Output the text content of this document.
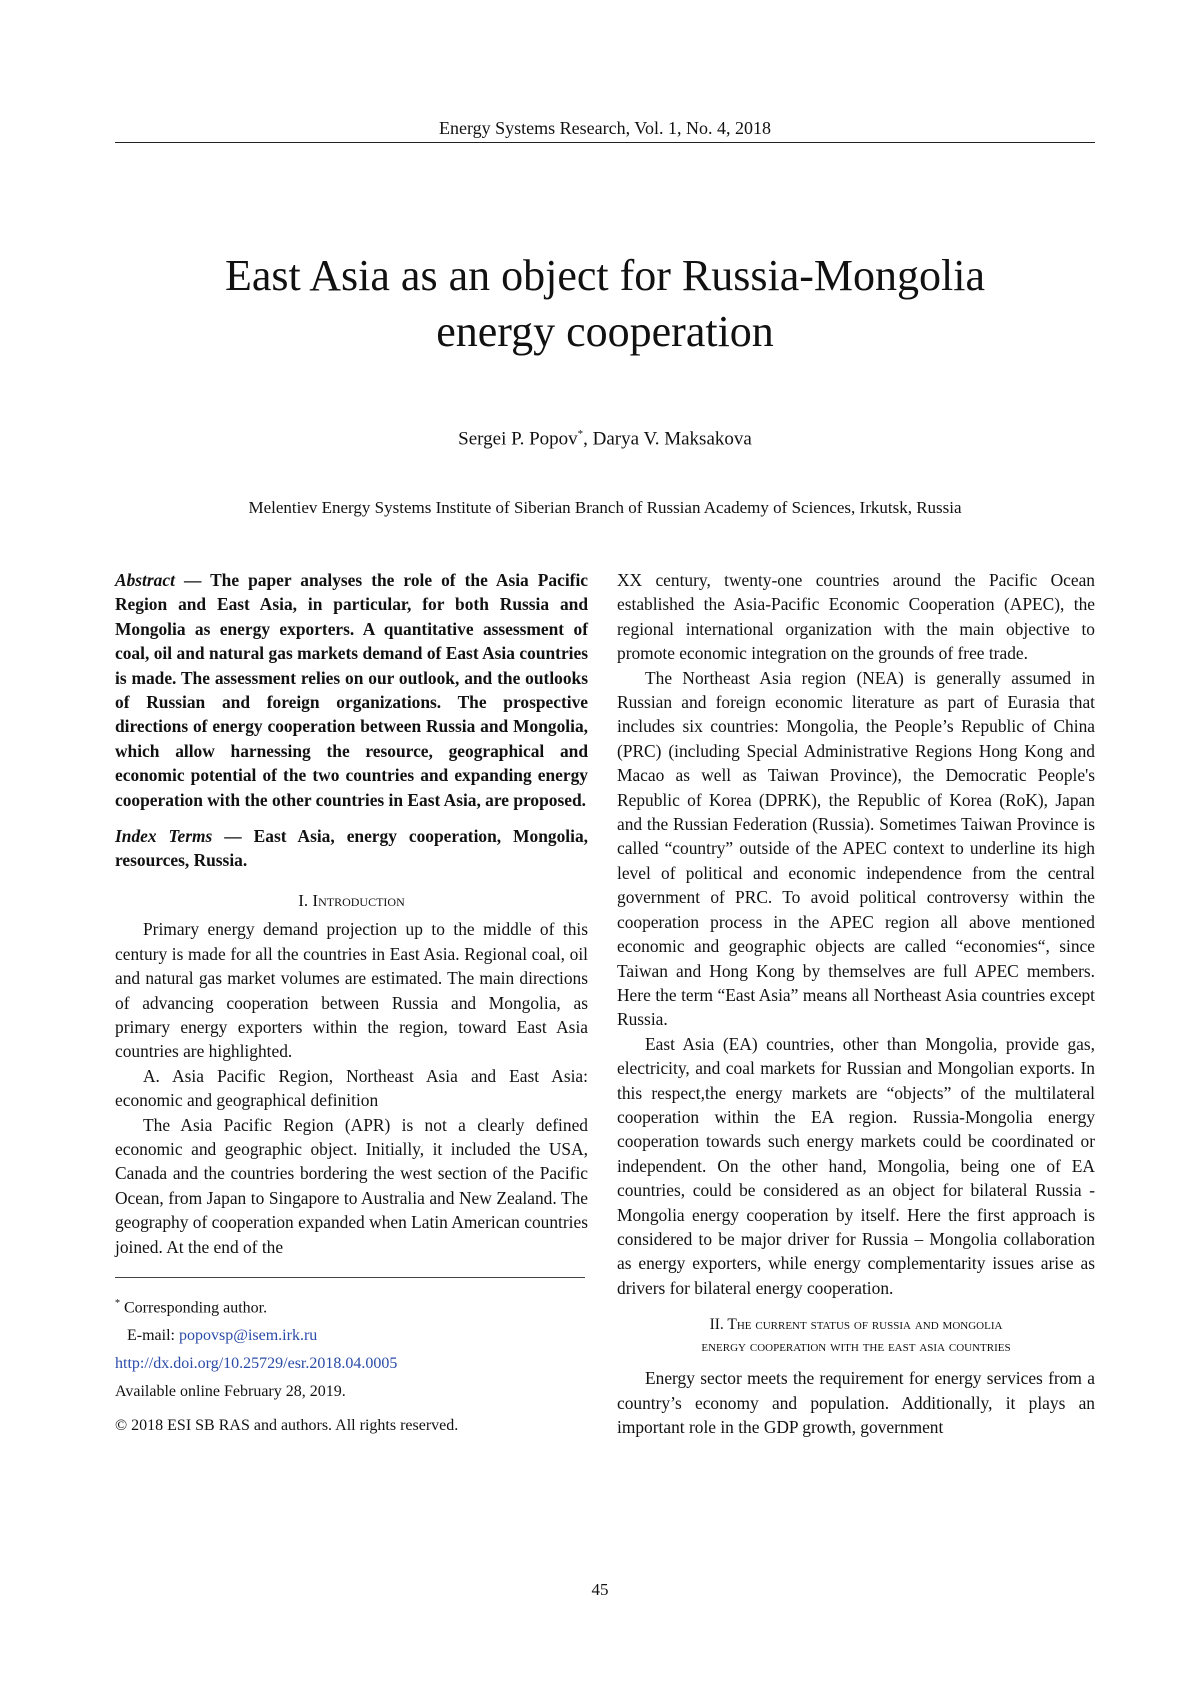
Energy Systems Research, Vol. 1, No. 4, 2018
East Asia as an object for Russia-Mongolia
energy cooperation
Sergei P. Popov*, Darya V. Maksakova
Melentiev Energy Systems Institute of Siberian Branch of Russian Academy of Sciences, Irkutsk, Russia

Abstract — The paper analyses the role of the Asia Pacific Region and East Asia, in particular, for both Russia and Mongolia as energy exporters. A quantitative assessment of coal, oil and natural gas markets demand of East Asia countries is made. The assessment relies on our outlook, and the outlooks of Russian and foreign organizations. The prospective directions of energy cooperation between Russia and Mongolia, which allow harnessing the resource, geographical and economic potential of the two countries and expanding energy cooperation with the other countries in East Asia, are proposed.

Index Terms — East Asia, energy cooperation, Mongolia, resources, Russia.

I. Introduction

Primary energy demand projection up to the middle of this century is made for all the countries in East Asia. Regional coal, oil and natural gas market volumes are estimated. The main directions of advancing cooperation between Russia and Mongolia, as primary energy exporters within the region, toward East Asia countries are highlighted.

A. Asia Pacific Region, Northeast Asia and East Asia: economic and geographical definition

The Asia Pacific Region (APR) is not a clearly defined economic and geographic object. Initially, it included the USA, Canada and the countries bordering the west section of the Pacific Ocean, from Japan to Singapore to Australia and New Zealand. The geography of cooperation expanded when Latin American countries joined. At the end of the

* Corresponding author.

E-mail: popovsp@isem.irk.ru

http://dx.doi.org/10.25729/esr.2018.04.0005

Available online February 28, 2019.

© 2018 ESI SB RAS and authors. All rights reserved.

XX century, twenty-one countries around the Pacific Ocean established the Asia-Pacific Economic Cooperation (APEC), the regional international organization with the main objective to promote economic integration on the grounds of free trade.

The Northeast Asia region (NEA) is generally assumed in Russian and foreign economic literature as part of Eurasia that includes six countries: Mongolia, the People’s Republic of China (PRC) (including Special Administrative Regions Hong Kong and Macao as well as Taiwan Province), the Democratic People's Republic of Korea (DPRK), the Republic of Korea (RoK), Japan and the Russian Federation (Russia). Sometimes Taiwan Province is called “country” outside of the APEC context to underline its high level of political and economic independence from the central government of PRC. To avoid political controversy within the cooperation process in the APEC region all above mentioned economic and geographic objects are called “economies“, since Taiwan and Hong Kong by themselves are full APEC members. Here the term “East Asia” means all Northeast Asia countries except Russia.

East Asia (EA) countries, other than Mongolia, provide gas, electricity, and coal markets for Russian and Mongolian exports. In this respect,the energy markets are “objects” of the multilateral cooperation within the EA region. Russia-Mongolia energy cooperation towards such energy markets could be coordinated or independent. On the other hand, Mongolia, being one of EA countries, could be considered as an object for bilateral Russia - Mongolia energy cooperation by itself. Here the first approach is considered to be major driver for Russia – Mongolia collaboration as energy exporters, while energy complementarity issues arise as drivers for bilateral energy cooperation.

II. The current status of russia and mongolia
energy cooperation with the east asia countries

Energy sector meets the requirement for energy services from a country’s economy and population. Additionally, it plays an important role in the GDP growth, government

45
